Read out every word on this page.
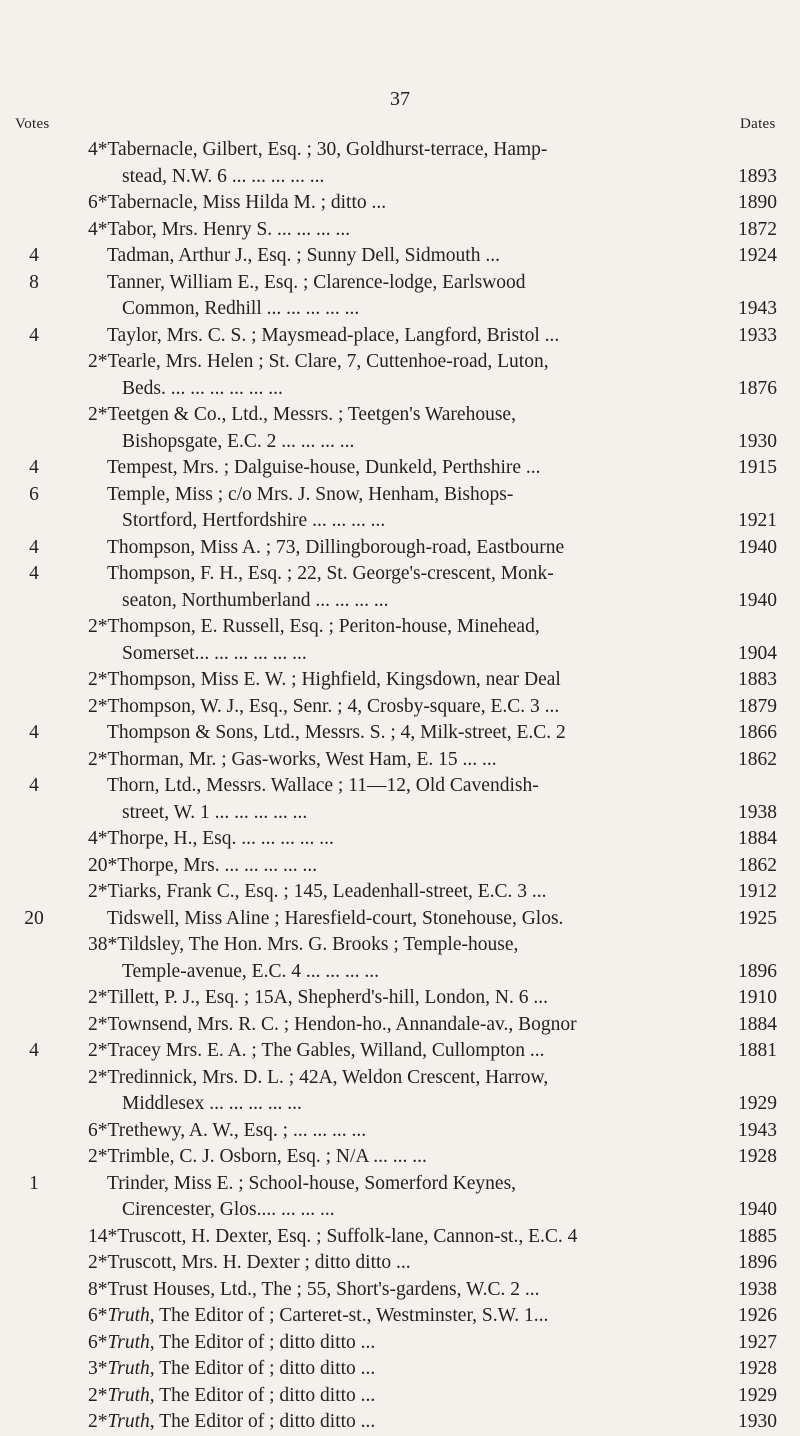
37
Votes	Dates
4*Tabernacle, Gilbert, Esq. ; 30, Goldhurst-terrace, Hamp-
stead, N.W. 6 ... ... ... ... ...	1893
6*Tabernacle, Miss Hilda M. ; ditto ...	1890
4*Tabor, Mrs. Henry S. ... ... ... ...	1872
4	Tadman, Arthur J., Esq. ; Sunny Dell, Sidmouth ...	1924
8	Tanner, William E., Esq. ; Clarence-lodge, Earlswood
Common, Redhill ... ... ... ... ...	1943
4	Taylor, Mrs. C. S. ; Maysmead-place, Langford, Bristol ...	1933
2*Tearle, Mrs. Helen ; St. Clare, 7, Cuttenhoe-road, Luton,
Beds. ... ... ... ... ... ...	1876
2*Teetgen & Co., Ltd., Messrs. ; Teetgen's Warehouse,
Bishopsgate, E.C. 2 ... ... ... ...	1930
4	Tempest, Mrs. ; Dalguise-house, Dunkeld, Perthshire ...	1915
6	Temple, Miss ; c/o Mrs. J. Snow, Henham, Bishops-
Stortford, Hertfordshire ... ... ... ...	1921
4	Thompson, Miss A. ; 73, Dillingborough-road, Eastbourne	1940
4	Thompson, F. H., Esq. ; 22, St. George's-crescent, Monk-
seaton, Northumberland ... ... ... ...	1940
2*Thompson, E. Russell, Esq. ; Periton-house, Minehead,
Somerset... ... ... ... ... ...	1904
2*Thompson, Miss E. W. ; Highfield, Kingsdown, near Deal	1883
2*Thompson, W. J., Esq., Senr. ; 4, Crosby-square, E.C. 3 ...	1879
4	Thompson & Sons, Ltd., Messrs. S. ; 4, Milk-street, E.C. 2	1866
2*Thorman, Mr. ; Gas-works, West Ham, E. 15 ... ...	1862
4	Thorn, Ltd., Messrs. Wallace ; 11—12, Old Cavendish-
street, W. 1 ... ... ... ... ...	1938
4*Thorpe, H., Esq. ... ... ... ... ...	1884
20*Thorpe, Mrs. ... ... ... ... ...	1862
2*Tiarks, Frank C., Esq. ; 145, Leadenhall-street, E.C. 3 ...	1912
20	Tidswell, Miss Aline ; Haresfield-court, Stonehouse, Glos.	1925
38*Tildsley, The Hon. Mrs. G. Brooks ; Temple-house,
Temple-avenue, E.C. 4 ... ... ... ...	1896
2*Tillett, P. J., Esq. ; 15A, Shepherd's-hill, London, N. 6 ...	1910
2*Townsend, Mrs. R. C. ; Hendon-ho., Annandale-av., Bognor	1884
4	2*Tracey Mrs. E. A. ; The Gables, Willand, Cullompton ...	1881
2*Tredinnick, Mrs. D. L. ; 42A, Weldon Crescent, Harrow,
Middlesex ... ... ... ... ...	1929
6*Trethewy, A. W., Esq. ; ... ... ... ...	1943
2*Trimble, C. J. Osborn, Esq. ; N/A ... ... ...	1928
1	Trinder, Miss E. ; School-house, Somerford Keynes,
Cirencester, Glos.... ... ... ...	1940
14*Truscott, H. Dexter, Esq. ; Suffolk-lane, Cannon-st., E.C. 4	1885
2*Truscott, Mrs. H. Dexter ; ditto ditto ...	1896
8*Trust Houses, Ltd., The ; 55, Short's-gardens, W.C. 2 ...	1938
6*Truth, The Editor of ; Carteret-st., Westminster, S.W. 1...	1926
6*Truth, The Editor of ; ditto ditto ...	1927
3*Truth, The Editor of ; ditto ditto ...	1928
2*Truth, The Editor of ; ditto ditto ...	1929
2*Truth, The Editor of ; ditto ditto ...	1930
